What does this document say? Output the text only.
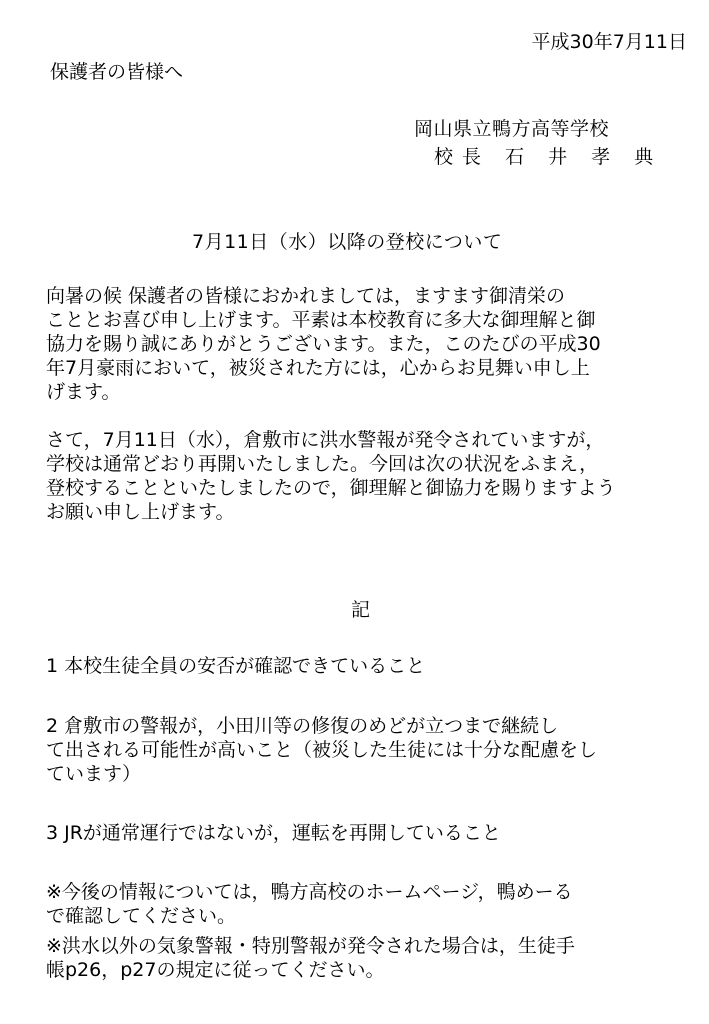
平成30年7月11日

保護者の皆様へ

岡山県立鴨方高等学校

校長 石 井 孝 典

7月11日（水）以降の登校について

向暑の候 保護者の皆様におかれましては，ますます御清栄の
こととお喜び申し上げます。平素は本校教育に多大な御理解と御
協力を賜り誠にありがとうございます。また，このたびの平成30
年7月豪雨において，被災された方には，心からお見舞い申し上
げます。
さて，7月11日（水），倉敷市に洪水警報が発令されていますが，
学校は通常どおり再開いたしました。今回は次の状況をふまえ，
登校することといたしましたので，御理解と御協力を賜りますよう
お願い申し上げます。

記

1 本校生徒全員の安否が確認できていること
2 倉敷市の警報が，小田川等の修復のめどが立つまで継続し
て出される可能性が高いこと（被災した生徒には十分な配慮をし
ています）
3 JRが通常運行ではないが，運転を再開していること
※今後の情報については，鴨方高校のホームページ，鴨めーる
で確認してください。
※洪水以外の気象警報・特別警報が発令された場合は，生徒手
帳p26，p27の規定に従ってください。
